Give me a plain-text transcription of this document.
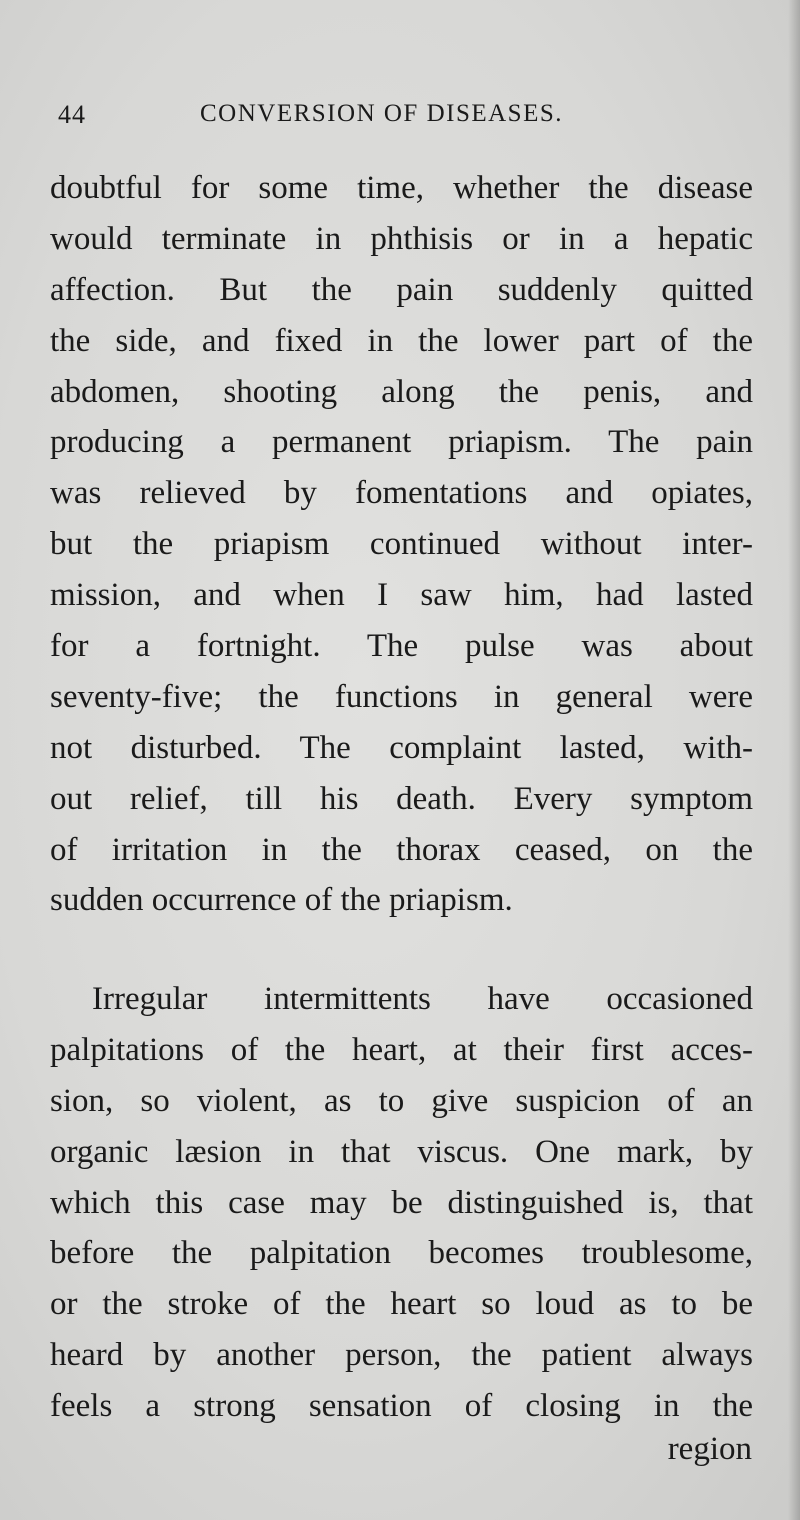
44	CONVERSION OF DISEASES.
doubtful for some time, whether the disease
would terminate in phthisis or in a hepatic
affection. But the pain suddenly quitted
the side, and fixed in the lower part of the
abdomen, shooting along the penis, and
producing a permanent priapism. The pain
was relieved by fomentations and opiates,
but the priapism continued without inter-
mission, and when I saw him, had lasted
for a fortnight. The pulse was about
seventy-five; the functions in general were
not disturbed. The complaint lasted, with-
out relief, till his death. Every symptom
of irritation in the thorax ceased, on the
sudden occurrence of the priapism.
Irregular intermittents have occasioned
palpitations of the heart, at their first acces-
sion, so violent, as to give suspicion of an
organic læsion in that viscus. One mark, by
which this case may be distinguished is, that
before the palpitation becomes troublesome,
or the stroke of the heart so loud as to be
heard by another person, the patient always
feels a strong sensation of closing in the
region
